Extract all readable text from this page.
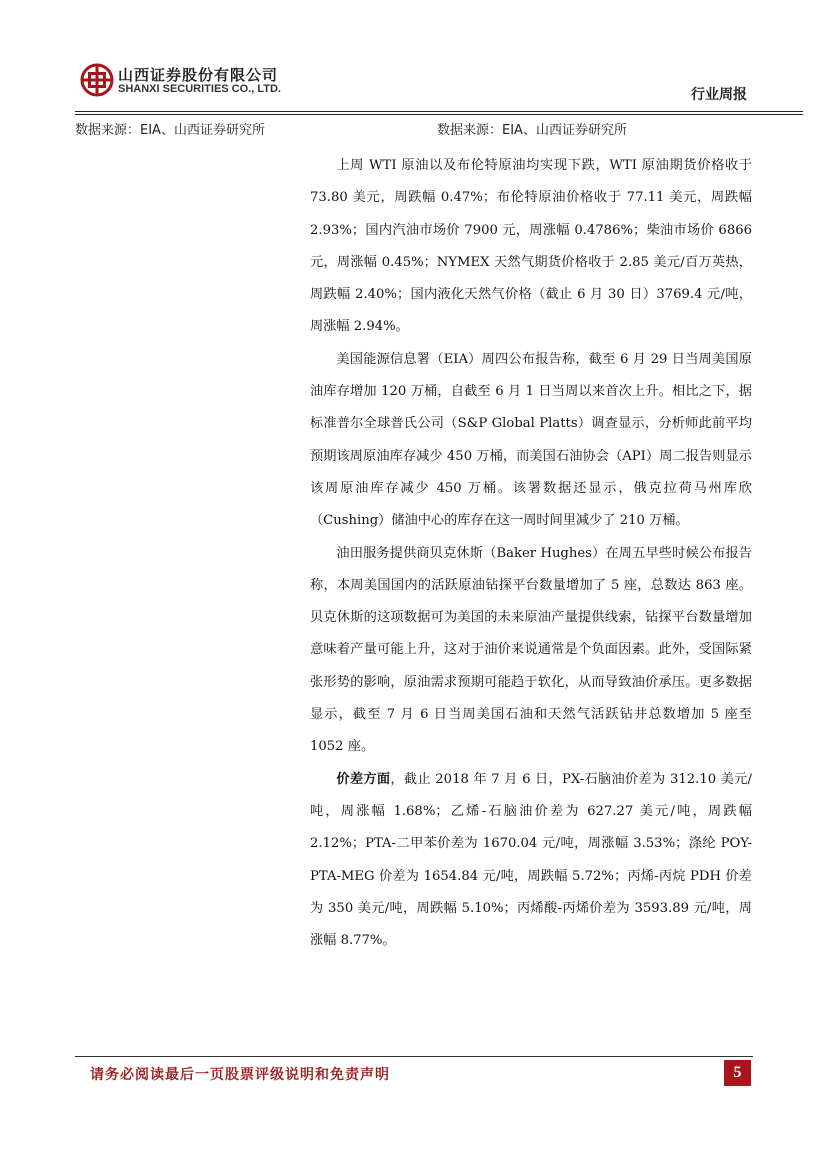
山西证券股份有限公司
SHANXI SECURITIES CO., LTD.	行业周报
数据来源：EIA、山西证券研究所	数据来源：EIA、山西证券研究所

上周 WTI 原油以及布伦特原油均实现下跌，WTI 原油期货价格收于 73.80 美元，周跌幅 0.47%；布伦特原油价格收于 77.11 美元，周跌幅 2.93%；国内汽油市场价 7900 元，周涨幅 0.4786%；柴油市场价 6866 元，周涨幅 0.45%；NYMEX 天然气期货价格收于 2.85 美元/百万英热，周跌幅 2.40%；国内液化天然气价格（截止 6 月 30 日）3769.4 元/吨，周涨幅 2.94%。

美国能源信息署（EIA）周四公布报告称，截至 6 月 29 日当周美国原油库存增加 120 万桶，自截至 6 月 1 日当周以来首次上升。相比之下，据标准普尔全球普氏公司（S&P Global Platts）调查显示，分析师此前平均预期该周原油库存减少 450 万桶，而美国石油协会（API）周二报告则显示该周原油库存减少 450 万桶。该署数据还显示，俄克拉荷马州库欣（Cushing）储油中心的库存在这一周时间里减少了 210 万桶。

油田服务提供商贝克休斯（Baker Hughes）在周五早些时候公布报告称，本周美国国内的活跃原油钻探平台数量增加了 5 座，总数达 863 座。贝克休斯的这项数据可为美国的未来原油产量提供线索，钻探平台数量增加意味着产量可能上升，这对于油价来说通常是个负面因素。此外，受国际紧张形势的影响，原油需求预期可能趋于软化，从而导致油价承压。更多数据显示，截至 7 月 6 日当周美国石油和天然气活跃钻井总数增加 5 座至 1052 座。

价差方面，截止 2018 年 7 月 6 日，PX-石脑油价差为 312.10 美元/吨，周涨幅 1.68%；乙烯-石脑油价差为 627.27 美元/吨，周跌幅 2.12%；PTA-二甲苯价差为 1670.04 元/吨，周涨幅 3.53%；涤纶 POY-PTA-MEG 价差为 1654.84 元/吨，周跌幅 5.72%；丙烯-丙烷 PDH 价差为 350 美元/吨，周跌幅 5.10%；丙烯酸-丙烯价差为 3593.89 元/吨，周涨幅 8.77%。

请务必阅读最后一页股票评级说明和免责声明	5
